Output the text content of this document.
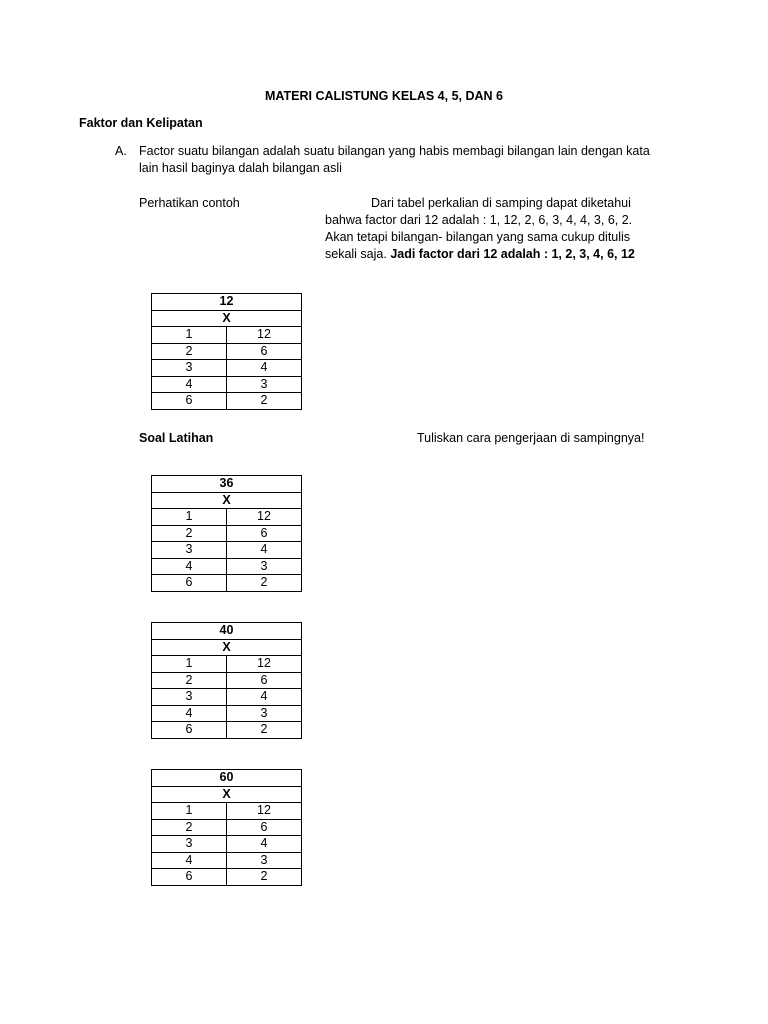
MATERI CALISTUNG KELAS 4, 5, DAN 6
Faktor dan Kelipatan
A. Factor suatu bilangan adalah suatu bilangan yang habis membagi bilangan lain dengan kata
lain hasil baginya dalah bilangan asli
Perhatikan contoh	Dari tabel perkalian di samping dapat diketahui
bahwa factor dari 12 adalah : 1, 12, 2, 6, 3, 4, 4, 3, 6, 2.
Akan tetapi bilangan- bilangan yang sama cukup ditulis
sekali saja. Jadi factor dari 12 adalah : 1, 2, 3, 4, 6, 12
12	
X	
1	12
2	6
3	4
4	3
6	2
Soal Latihan	Tuliskan cara pengerjaan di sampingnya!
36	
X	
1	12
2	6
3	4
4	3
6	2
40	
X	
1	12
2	6
3	4
4	3
6	2
60	
X	
1	12
2	6
3	4
4	3
6	2
